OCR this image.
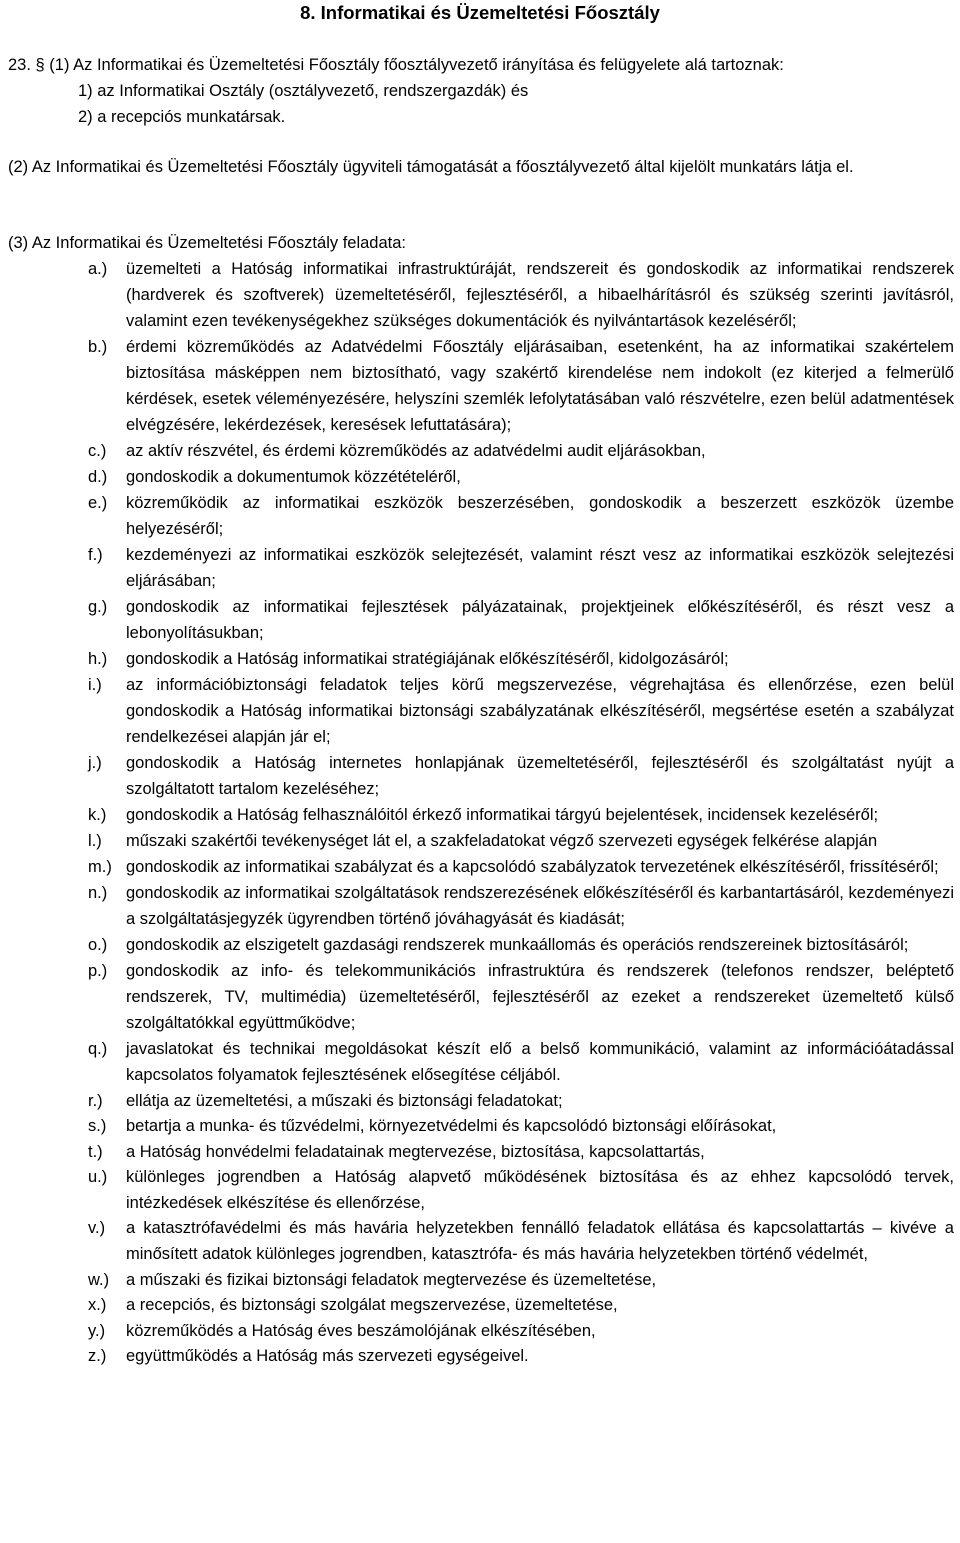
8. Informatikai és Üzemeltetési Főosztály
23. § (1) Az Informatikai és Üzemeltetési Főosztály főosztályvezető irányítása és felügyelete alá tartoznak:
1) az Informatikai Osztály (osztályvezető, rendszergazdák) és
2) a recepciós munkatársak.
(2) Az Informatikai és Üzemeltetési Főosztály ügyviteli támogatását a főosztályvezető által kijelölt munkatárs látja el.
(3) Az Informatikai és Üzemeltetési Főosztály feladata:
a.)	üzemelteti a Hatóság informatikai infrastruktúráját, rendszereit és gondoskodik az informatikai rendszerek (hardverek és szoftverek) üzemeltetéséről, fejlesztéséről, a hibaelhárításról és szükség szerinti javításról, valamint ezen tevékenységekhez szükséges dokumentációk és nyilvántartások kezeléséről;
b.)	érdemi közreműködés az Adatvédelmi Főosztály eljárásaiban, esetenként, ha az informatikai szakértelem biztosítása másképpen nem biztosítható, vagy szakértő kirendelése nem indokolt (ez kiterjed a felmerülő kérdések, esetek véleményezésére, helyszíni szemlék lefolytatásában való részvételre, ezen belül adatmentések elvégzésére, lekérdezések, keresések lefuttatására);
c.)	az aktív részvétel, és érdemi közreműködés az adatvédelmi audit eljárásokban,
d.)	gondoskodik a dokumentumok közzétételéről,
e.)	közreműködik az informatikai eszközök beszerzésében, gondoskodik a beszerzett eszközök üzembe helyezéséről;
f.)	kezdeményezi az informatikai eszközök selejtezését, valamint részt vesz az informatikai eszközök selejtezési eljárásában;
g.)	gondoskodik az informatikai fejlesztések pályázatainak, projektjeinek előkészítéséről, és részt vesz a lebonyolításukban;
h.)	gondoskodik a Hatóság informatikai stratégiájának előkészítéséről, kidolgozásáról;
i.)	az információbiztonsági feladatok teljes körű megszervezése, végrehajtása és ellenőrzése, ezen belül gondoskodik a Hatóság informatikai biztonsági szabályzatának elkészítéséről, megsértése esetén a szabályzat rendelkezései alapján jár el;
j.)	gondoskodik a Hatóság internetes honlapjának üzemeltetéséről, fejlesztéséről és szolgáltatást nyújt a szolgáltatott tartalom kezeléséhez;
k.)	gondoskodik a Hatóság felhasználóitól érkező informatikai tárgyú bejelentések, incidensek kezeléséről;
l.)	műszaki szakértői tevékenységet lát el, a szakfeladatokat végző szervezeti egységek felkérése alapján
m.) gondoskodik az informatikai szabályzat és a kapcsolódó szabályzatok tervezetének elkészítéséről, frissítéséről;
n.)	gondoskodik az informatikai szolgáltatások rendszerezésének előkészítéséről és karbantartásáról, kezdeményezi a szolgáltatásjegyzék ügyrendben történő jóváhagyását és kiadását;
o.)	gondoskodik az elszigetelt gazdasági rendszerek munkaállomás és operációs rendszereinek biztosításáról;
p.)	gondoskodik az info- és telekommunikációs infrastruktúra és rendszerek (telefonos rendszer, beléptető rendszerek, TV, multimédia) üzemeltetéséről, fejlesztéséről az ezeket a rendszereket üzemeltető külső szolgáltatókkal együttműködve;
q.)	javaslatokat és technikai megoldásokat készít elő a belső kommunikáció, valamint az információátadással kapcsolatos folyamatok fejlesztésének elősegítése céljából.
r.)	ellátja az üzemeltetési, a műszaki és biztonsági feladatokat;
s.)	betartja a munka- és tűzvédelmi, környezetvédelmi és kapcsolódó biztonsági előírásokat,
t.)	a Hatóság honvédelmi feladatainak megtervezése, biztosítása, kapcsolattartás,
u.)	különleges jogrendben a Hatóság alapvető működésének biztosítása és az ehhez kapcsolódó tervek, intézkedések elkészítése és ellenőrzése,
v.)	a katasztrófavédelmi és más havária helyzetekben fennálló feladatok ellátása és kapcsolattartás – kivéve a minősített adatok különleges jogrendben, katasztrófa- és más havária helyzetekben történő védelmét,
w.)	a műszaki és fizikai biztonsági feladatok megtervezése és üzemeltetése,
x.)	a recepciós, és biztonsági szolgálat megszervezése, üzemeltetése,
y.)	közreműködés a Hatóság éves beszámolójának elkészítésében,
z.)	együttműködés a Hatóság más szervezeti egységeivel.
